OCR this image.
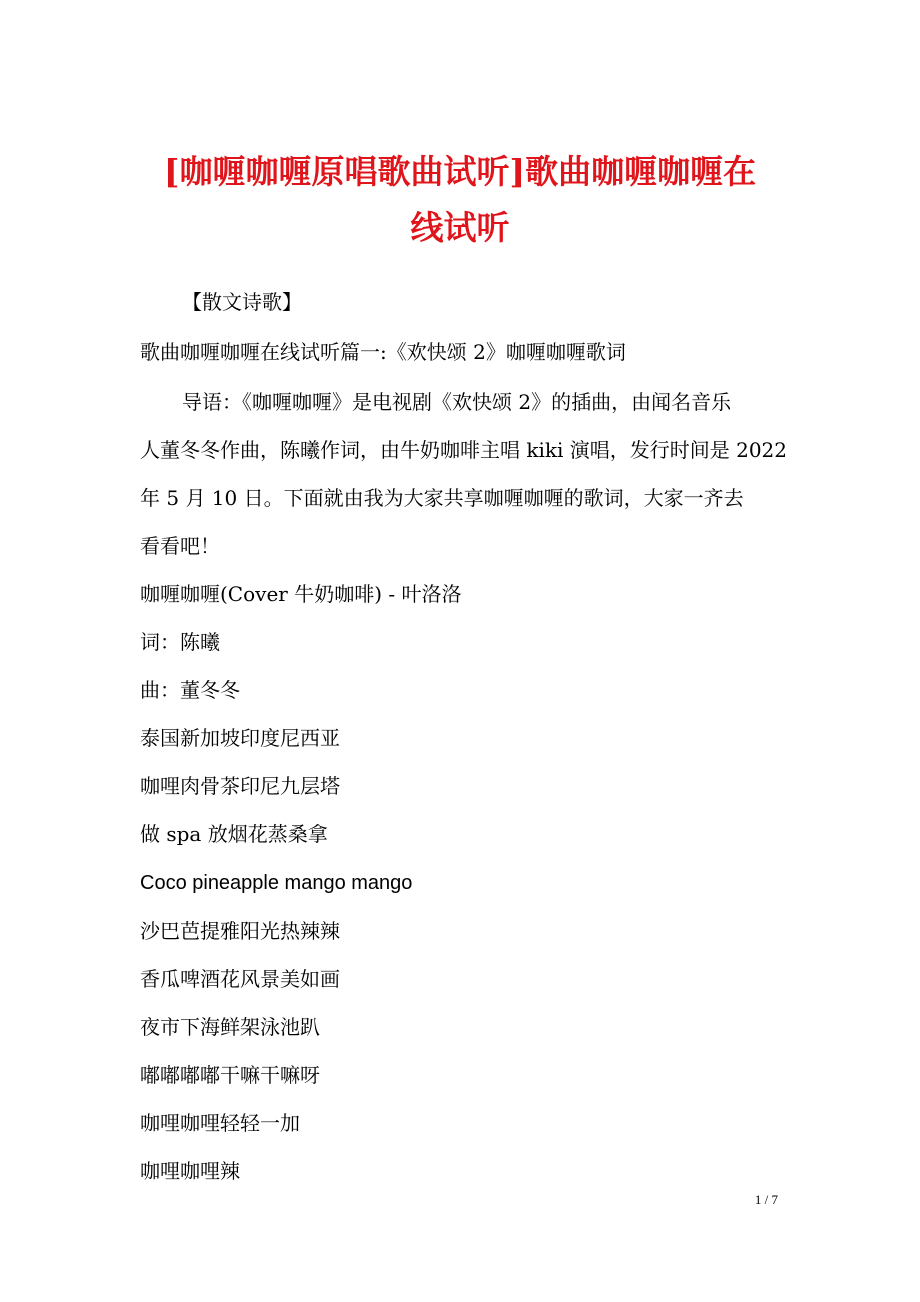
[咖喱咖喱原唱歌曲试听]歌曲咖喱咖喱在
线试听
【散文诗歌】
歌曲咖喱咖喱在线试听篇一:《欢快颂 2》咖喱咖喱歌词
导语：《咖喱咖喱》是电视剧《欢快颂 2》的插曲，由闻名音乐
人董冬冬作曲，陈曦作词，由牛奶咖啡主唱 kiki 演唱，发行时间是 2022
年 5 月 10 日。下面就由我为大家共享咖喱咖喱的歌词，大家一齐去
看看吧！
咖喱咖喱(Cover 牛奶咖啡) - 叶洛洛
词：陈曦
曲：董冬冬
泰国新加坡印度尼西亚
咖哩肉骨茶印尼九层塔
做 spa 放烟花蒸桑拿
Coco pineapple mango mango
沙巴芭提雅阳光热辣辣
香瓜啤酒花风景美如画
夜市下海鲜架泳池趴
嘟嘟嘟嘟干嘛干嘛呀
咖哩咖哩轻轻一加
咖哩咖哩辣
1 / 7
